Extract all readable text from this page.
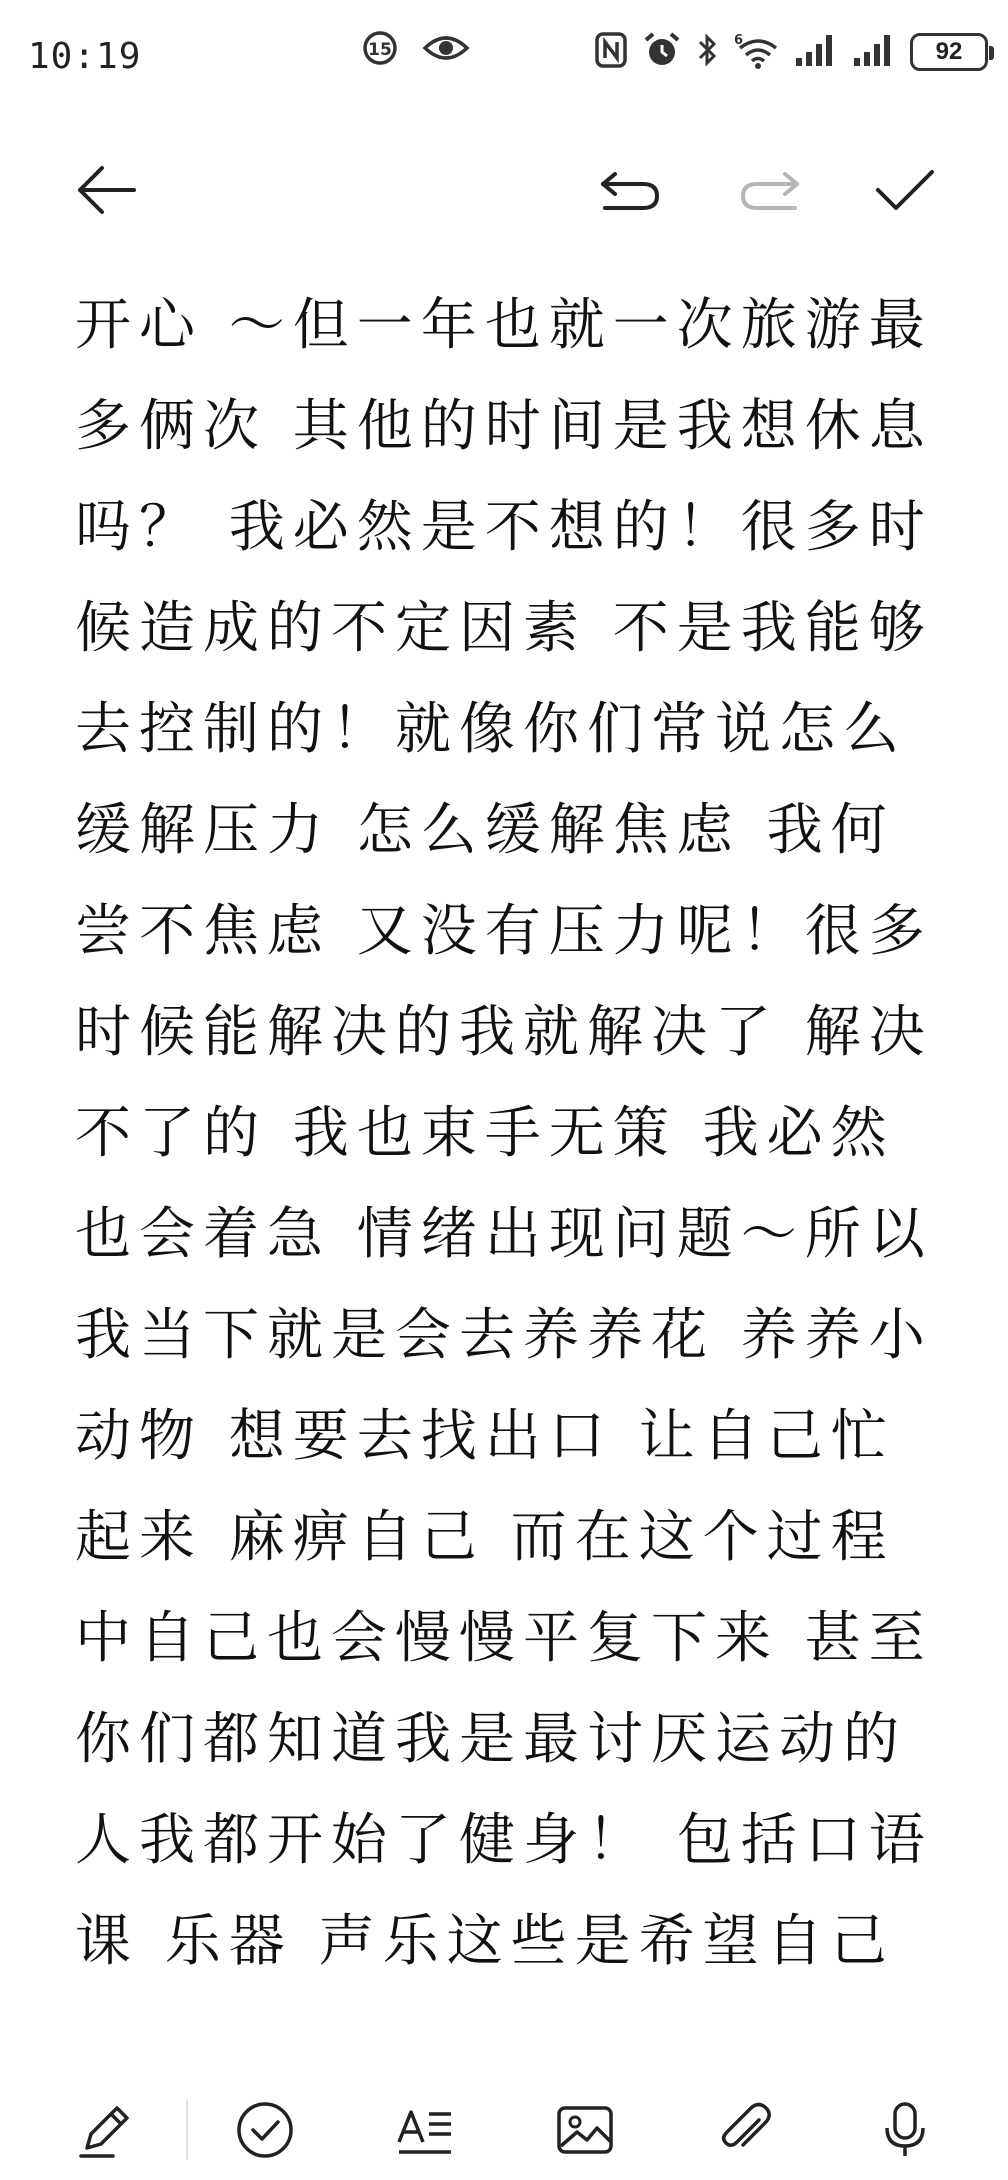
10:19	15	6	92
开心 ～但一年也就一次旅游最多俩次 其他的时间是我想休息吗？ 我必然是不想的！很多时候造成的不定因素 不是我能够去控制的！就像你们常说怎么缓解压力 怎么缓解焦虑 我何尝不焦虑 又没有压力呢！很多时候能解决的我就解决了 解决不了的 我也束手无策 我必然也会着急 情绪出现问题～所以 我当下就是会去养养花 养养小动物 想要去找出口 让自己忙起来 麻痹自己 而在这个过程中自己也会慢慢平复下来 甚至你们都知道我是最讨厌运动的人我都开始了健身！ 包括口语课 乐器 声乐这些是希望自己
